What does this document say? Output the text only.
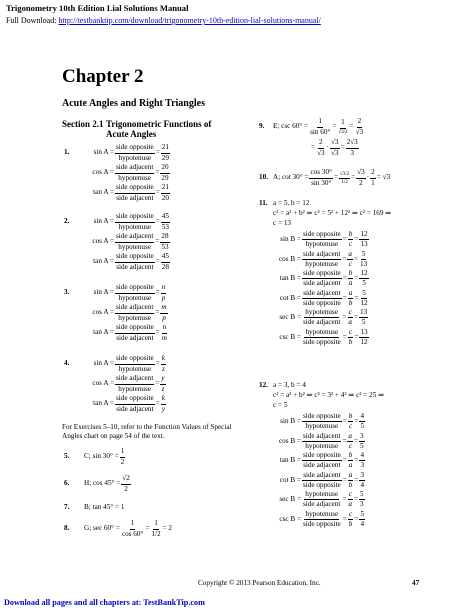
Trigonometry 10th Edition Lial Solutions Manual
Full Download: http://testbanktip.com/download/trigonometry-10th-edition-lial-solutions-manual/
Chapter 2
Acute Angles and Right Triangles
Section 2.1 Trigonometric Functions of
Acute Angles
1.	$\sin A = \frac{\text{side opposite}}{\text{hypotenuse}} = \frac{21}{29}$
$\cos A = \frac{\text{side adjacent}}{\text{hypotenuse}} = \frac{20}{29}$
$\tan A = \frac{\text{side opposite}}{\text{side adjacent}} = \frac{21}{20}$
2.	$\sin A = \frac{\text{side opposite}}{\text{hypotenuse}} = \frac{45}{53}$
$\cos A = \frac{\text{side adjacent}}{\text{hypotenuse}} = \frac{28}{53}$
$\tan A = \frac{\text{side opposite}}{\text{side adjacent}} = \frac{45}{28}$
3.	$\sin A = \frac{\text{side opposite}}{\text{hypotenuse}} = \frac{n}{p}$
$\cos A = \frac{\text{side adjacent}}{\text{hypotenuse}} = \frac{m}{p}$
$\tan A = \frac{\text{side opposite}}{\text{side adjacent}} = \frac{n}{m}$
4.	$\sin A = \frac{\text{side opposite}}{\text{hypotenuse}} = \frac{k}{z}$
$\cos A = \frac{\text{side adjacent}}{\text{hypotenuse}} = \frac{y}{z}$
$\tan A = \frac{\text{side opposite}}{\text{side adjacent}} = \frac{k}{y}$
For Exercises 5–10, refer to the Function Values of Special Angles chart on page 54 of the text.
5.	C; $\sin 30^\circ = \frac{1}{2}$
6.	H; $\cos 45^\circ = \frac{√2}{2}$
7.	B; tan 45° = 1
8.	G; $\sec 60^\circ = \frac{1}{\cos 60^\circ} = \frac{1}{1/2} = 2$
9.	E; $\csc 60^\circ = \frac{1}{\sin 60^\circ} = \frac{1}{√3/2} = \frac{2}{√3}$
= $\frac{2}{√3} \cdot \frac{√3}{√3} = \frac{2√3}{3}$
10. A; $\cot 30^\circ = \frac{\cos 30^\circ}{\sin 30^\circ} = \frac{√3/2}{1/2} = \frac{√3}{2} \cdot \frac{2}{1} = √3$
11. a = 5, b = 12
c² = a² + b² ⇒ c² = 5² + 12² ⇒ c² = 169 ⇒
c = 13
$\sin B = \frac{\text{side opposite}}{\text{hypotenuse}} = \frac{b}{c} = \frac{12}{13}$
$\cos B = \frac{\text{side adjacent}}{\text{hypotenuse}} = \frac{a}{c} = \frac{5}{13}$
$\tan B = \frac{\text{side opposite}}{\text{side adjacent}} = \frac{b}{a} = \frac{12}{5}$
$\cot B = \frac{\text{side adjacent}}{\text{side opposite}} = \frac{a}{b} = \frac{5}{12}$
$\sec B = \frac{\text{hypotenuse}}{\text{side adjacent}} = \frac{c}{a} = \frac{13}{5}$
$\csc B = \frac{\text{hypotenuse}}{\text{side opposite}} = \frac{c}{b} = \frac{13}{12}$
12. a = 3, b = 4
c² = a² + b² ⇒ c² = 3² + 4² ⇒ c² = 25 ⇒
c = 5
$\sin B = \frac{\text{side opposite}}{\text{hypotenuse}} = \frac{b}{c} = \frac{4}{5}$
$\cos B = \frac{\text{side adjacent}}{\text{hypotenuse}} = \frac{a}{c} = \frac{3}{5}$
$\tan B = \frac{\text{side opposite}}{\text{side adjacent}} = \frac{b}{a} = \frac{4}{3}$
$\cot B = \frac{\text{side adjacent}}{\text{side opposite}} = \frac{a}{b} = \frac{3}{4}$
$\sec B = \frac{\text{hypotenuse}}{\text{side adjacent}} = \frac{c}{a} = \frac{5}{3}$
$\csc B = \frac{\text{hypotenuse}}{\text{side opposite}} = \frac{c}{b} = \frac{5}{4}$
Copyright © 2013 Pearson Education, Inc.	47
Download all pages and all chapters at: TestBankTip.com
